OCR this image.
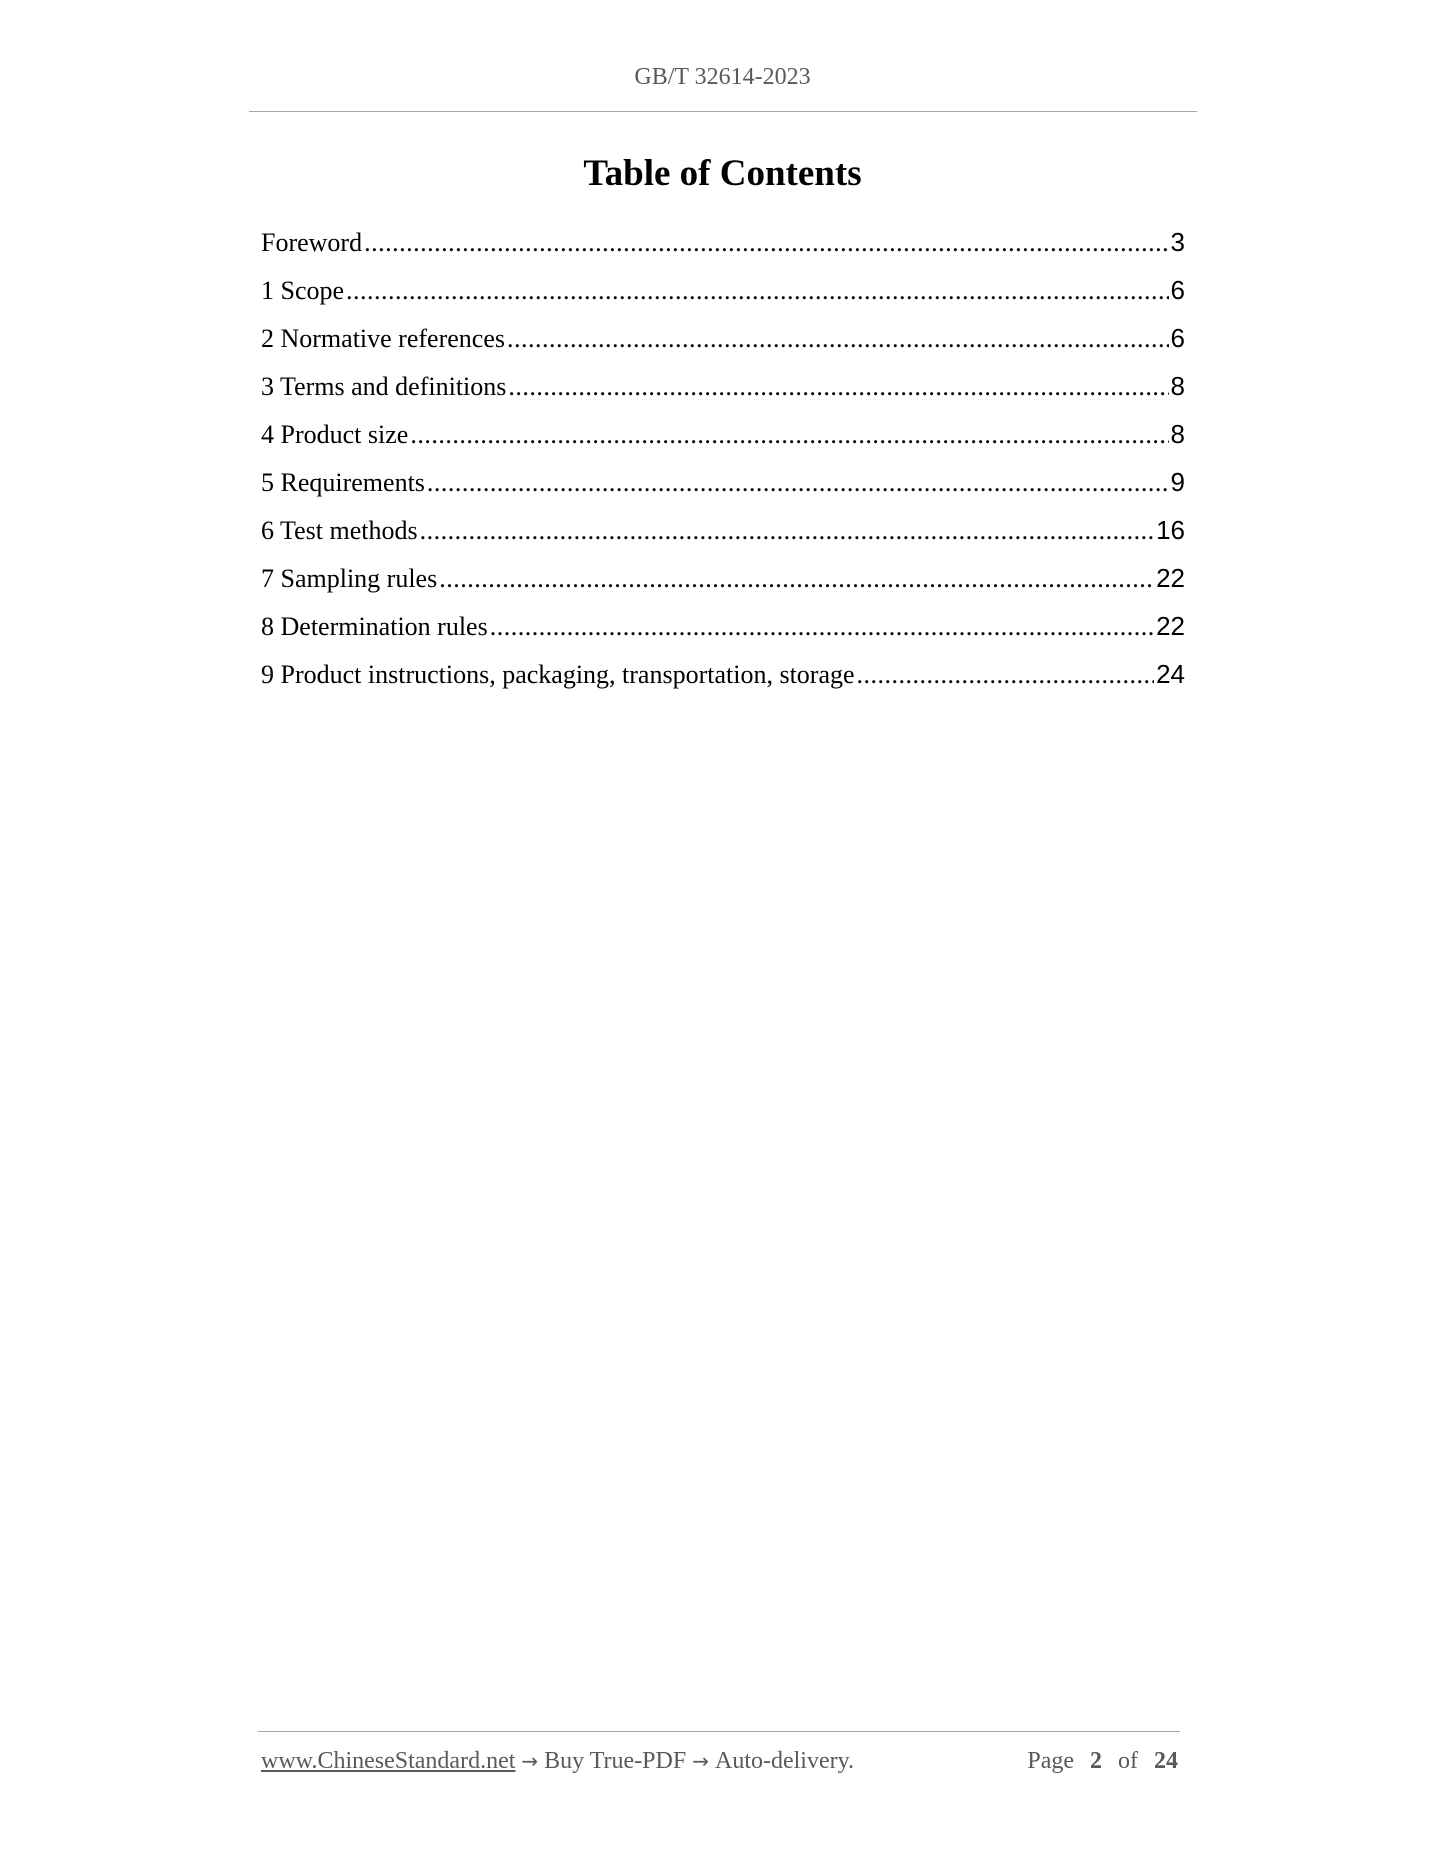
GB/T 32614-2023
Table of Contents
Foreword .....	3
1 Scope .....	6
2 Normative references .....	6
3 Terms and definitions .....	8
4 Product size .....	8
5 Requirements .....	9
6 Test methods .....	16
7 Sampling rules .....	22
8 Determination rules .....	22
9 Product instructions, packaging, transportation, storage .....	24
www.ChineseStandard.net → Buy True-PDF → Auto-delivery.	Page 2 of 24
